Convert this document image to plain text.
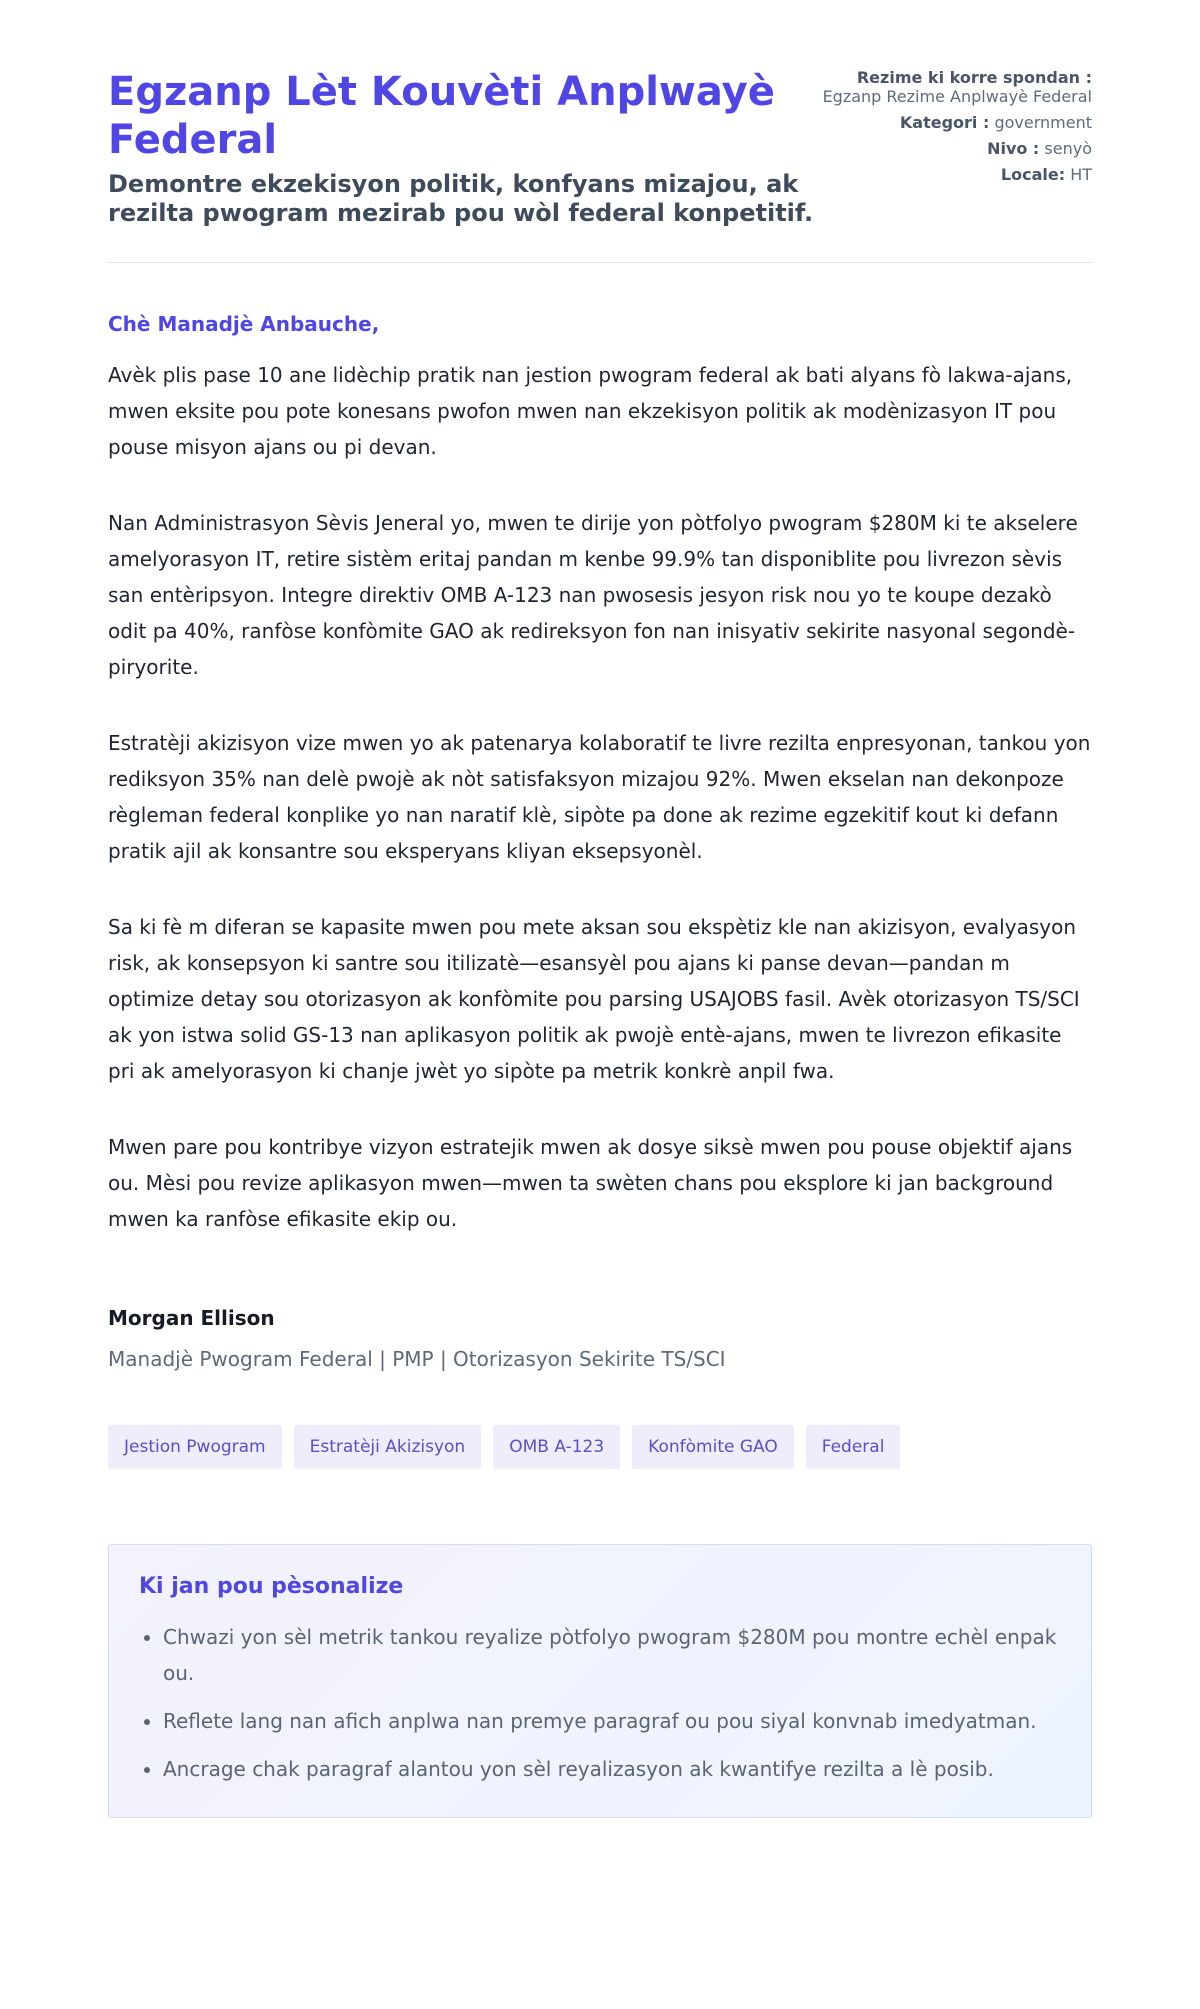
Egzanp Lèt Kouvèti Anplwayè Federal

Demontre ekzekisyon politik, konfyans mizajou, ak rezilta pwogram mezirab pou wòl federal konpetitif.

Rezime ki korre spondan :
Egzanp Rezime Anplwayè Federal
Kategori : government
Nivo : senyò
Locale: HT

Chè Manadjè Anbauche,

Avèk plis pase 10 ane lidèchip pratik nan jestion pwogram federal ak bati alyans fò lakwa-ajans, mwen eksite pou pote konesans pwofon mwen nan ekzekisyon politik ak modènizasyon IT pou pouse misyon ajans ou pi devan.

Nan Administrasyon Sèvis Jeneral yo, mwen te dirije yon pòtfolyo pwogram $280M ki te akselere amelyorasyon IT, retire sistèm eritaj pandan m kenbe 99.9% tan disponiblite pou livrezon sèvis san entèripsyon. Integre direktiv OMB A-123 nan pwosesis jesyon risk nou yo te koupe dezakò odit pa 40%, ranfòse konfòmite GAO ak redireksyon fon nan inisyativ sekirite nasyonal segondè-piryorite.

Estratèji akizisyon vize mwen yo ak patenarya kolaboratif te livre rezilta enpresyonan, tankou yon rediksyon 35% nan delè pwojè ak nòt satisfaksyon mizajou 92%. Mwen ekselan nan dekonpoze règleman federal konplike yo nan naratif klè, sipòte pa done ak rezime egzekitif kout ki defann pratik ajil ak konsantre sou eksperyans kliyan eksepsyonèl.

Sa ki fè m diferan se kapasite mwen pou mete aksan sou ekspètiz kle nan akizisyon, evalyasyon risk, ak konsepsyon ki santre sou itilizatè—esansyèl pou ajans ki panse devan—pandan m optimize detay sou otorizasyon ak konfòmite pou parsing USAJOBS fasil. Avèk otorizasyon TS/SCI ak yon istwa solid GS-13 nan aplikasyon politik ak pwojè entè-ajans, mwen te livrezon efikasite pri ak amelyorasyon ki chanje jwèt yo sipòte pa metrik konkrè anpil fwa.

Mwen pare pou kontribye vizyon estratejik mwen ak dosye siksè mwen pou pouse objektif ajans ou. Mèsi pou revize aplikasyon mwen—mwen ta swèten chans pou eksplore ki jan background mwen ka ranfòse efikasite ekip ou.

Morgan Ellison
Manadjè Pwogram Federal | PMP | Otorizasyon Sekirite TS/SCI
Jestion Pwogram	Estratèji Akizisyon	OMB A-123	Konfòmite GAO	Federal
Ki jan pou pèsonalize
• Chwazi yon sèl metrik tankou reyalize pòtfolyo pwogram $280M pou montre echèl enpak ou.
• Reflete lang nan afich anplwa nan premye paragraf ou pou siyal konvnab imedyatman.
• Ancrage chak paragraf alantou yon sèl reyalizasyon ak kwantifye rezilta a lè posib.
